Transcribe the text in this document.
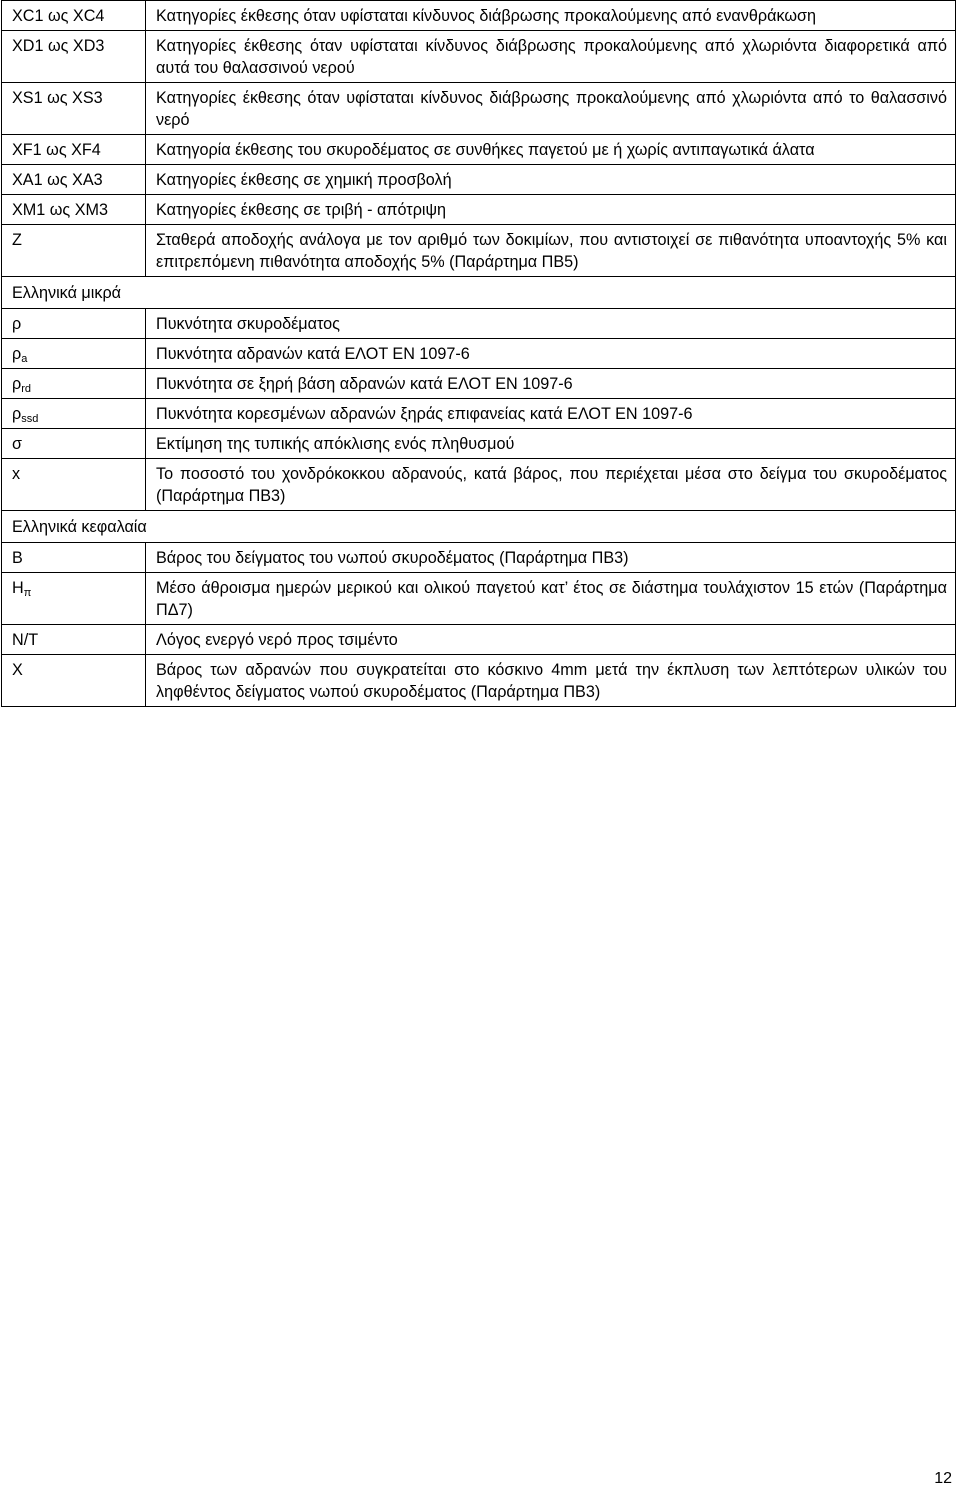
XC1 ως XC4	Κατηγορίες έκθεσης όταν υφίσταται κίνδυνος διάβρωσης προκαλούμενης από ενανθράκωση
XD1 ως XD3	Κατηγορίες έκθεσης όταν υφίσταται κίνδυνος διάβρωσης προκαλούμενης από χλωριόντα διαφορετικά από αυτά του θαλασσινού νερού
XS1 ως XS3	Κατηγορίες έκθεσης όταν υφίσταται κίνδυνος διάβρωσης προκαλούμενης από χλωριόντα από το θαλασσινό νερό
XF1 ως XF4	Κατηγορία έκθεσης του σκυροδέματος σε συνθήκες παγετού με ή χωρίς αντιπαγωτικά άλατα
XA1 ως XA3	Κατηγορίες έκθεσης σε χημική προσβολή
XM1 ως XM3	Κατηγορίες έκθεσης σε τριβή - απότριψη
Z	Σταθερά αποδοχής ανάλογα με τον αριθμό των δοκιμίων, που αντιστοιχεί σε πιθανότητα υποαντοχής 5% και επιτρεπόμενη πιθανότητα αποδοχής 5% (Παράρτημα ΠΒ5)
Ελληνικά μικρά	
ρ	Πυκνότητα σκυροδέματος
$\rho_a$	Πυκνότητα αδρανών κατά ΕΛΟΤ ΕΝ 1097-6
$\rho_{rd}$	Πυκνότητα σε ξηρή βάση αδρανών κατά ΕΛΟΤ ΕΝ 1097-6
$\rho_{ssd}$	Πυκνότητα κορεσμένων αδρανών ξηράς επιφανείας κατά ΕΛΟΤ ΕΝ 1097-6
σ	Εκτίμηση της τυπικής απόκλισης ενός πληθυσμού
x	Το ποσοστό του χονδρόκοκκου αδρανούς, κατά βάρος, που περιέχεται μέσα στο δείγμα του σκυροδέματος (Παράρτημα ΠΒ3)
Ελληνικά κεφαλαία	
B	Βάρος του δείγματος του νωπού σκυροδέματος (Παράρτημα ΠΒ3)
$H_\pi$	Μέσο άθροισμα ημερών μερικού και ολικού παγετού κατ’ έτος σε διάστημα τουλάχιστον 15 ετών (Παράρτημα ΠΔ7)
N/T	Λόγος ενεργό νερό προς τσιμέντο
X	Βάρος των αδρανών που συγκρατείται στο κόσκινο 4mm μετά την έκπλυση των λεπτότερων υλικών του ληφθέντος δείγματος νωπού σκυροδέματος (Παράρτημα ΠΒ3)
12
